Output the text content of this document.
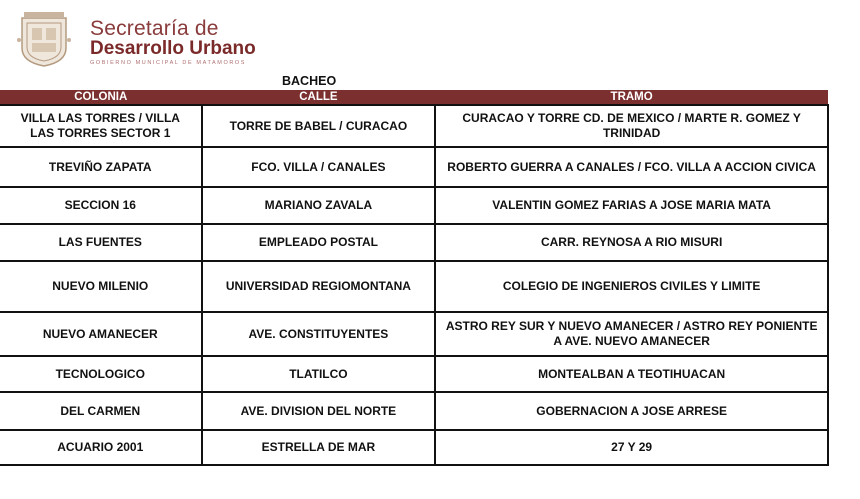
Secretaría de
Desarrollo Urbano
GOBIERNO MUNICIPAL DE MATAMOROS
BACHEO
COLONIA	CALLE	TRAMO
VILLA LAS TORRES / VILLA LAS TORRES SECTOR 1	TORRE DE BABEL / CURACAO	CURACAO Y TORRE CD. DE MEXICO / MARTE R. GOMEZ Y TRINIDAD
TREVIÑO ZAPATA	FCO. VILLA / CANALES	ROBERTO GUERRA A CANALES / FCO. VILLA A ACCION CIVICA
SECCION 16	MARIANO ZAVALA	VALENTIN GOMEZ FARIAS A JOSE MARIA MATA
LAS FUENTES	EMPLEADO POSTAL	CARR. REYNOSA A RIO MISURI
NUEVO MILENIO	UNIVERSIDAD REGIOMONTANA	COLEGIO DE INGENIEROS CIVILES Y LIMITE
NUEVO AMANECER	AVE. CONSTITUYENTES	ASTRO REY SUR Y NUEVO AMANECER / ASTRO REY PONIENTE A AVE. NUEVO AMANECER
TECNOLOGICO	TLATILCO	MONTEALBAN A TEOTIHUACAN
DEL CARMEN	AVE. DIVISION DEL NORTE	GOBERNACION A JOSE ARRESE
ACUARIO 2001	ESTRELLA DE MAR	27 Y 29
